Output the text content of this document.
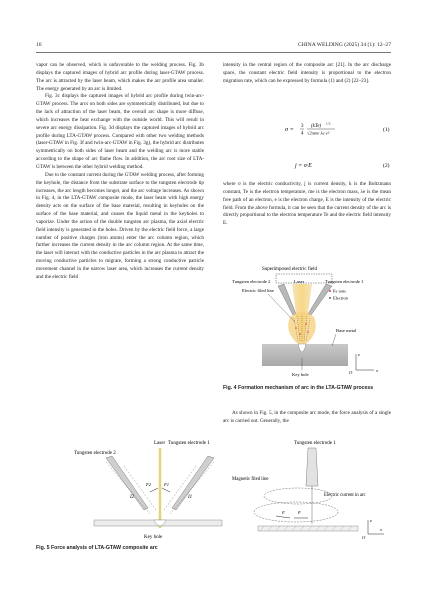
16	CHINA WELDING (2025) 34 (1): 12–27

vapor can be observed, which is unfavorable to the welding process. Fig. 3b displays the captured images of hybrid arc profile during laser-GTAW process. The arc is attracted by the laser beam, which makes the arc profile area smaller. The energy generated by an arc is limited.

Fig. 3c displays the captured images of hybrid arc profile during twin-arc-GTAW process. The arcs on both sides are symmetrically distributed, but due to the lack of attraction of the laser beam, the overall arc shape is more diffuse, which increases the heat exchange with the outside world. This will result in severe arc energy dissipation. Fig. 3d displays the captured images of hybrid arc profile during LTA-GTAW process. Compared with other two welding methods (laser-GTAW in Fig. 3f and twin-arc-GTAW in Fig. 3g), the hybrid arc distributes symmetrically on both sides of laser beam and the welding arc is more stable according to the shape of arc flame flow. In addition, the arc root size of LTA-GTAW is between the other hybrid welding method.

Due to the constant current during the GTAW welding process, after forming the keyhole, the distance from the substrate surface to the tungsten electrode tip increases, the arc length becomes longer, and the arc voltage increases. As shown in Fig. 4, in the LTA-GTAW composite mode, the laser beam with high energy density acts on the surface of the base material, resulting in keyholes on the surface of the base material, and causes the liquid metal in the keyholes to vaporize. Under the action of the double tungsten arc plasma, the axial electric field intensity is generated in the holes. Driven by the electric field force, a large number of positive charges (iron atoms) enter the arc column region, which further increases the current density in the arc column region. At the same time, the laser will interact with the conductive particles in the arc plasma to attract the moving conductive particles to migrate, forming a strong conductive particle movement channel in the narrow laser area, which increases the current density and the electric field

intensity in the central region of the composite arc [21]. In the arc discharge space, the constant electric field intensity is proportional to the electron migration rate, which can be expressed by formula (1) and (2) [22–23].

σ = 3
4
(kTe)
1/2
√2πme λe e²	(1)
j = σ·E	(2)

where σ is the electric conductivity, j is current density, k is the Boltzmann constant, Te is the electron temperature, me is the electron mass, λe is the mean free path of an electron, e is the electron charge, E is the intensity of the electric field. From the above formula, it can be seen that the current density of the arc is directly proportional to the electron temperature Te and the electric field intensity E.

Superimposed electric field
Tungsten electrode 2	Laser	Tungsten electrode 1
Electric filed line	Fe ions
Electron
Base metal
Key hole
x
z
O
Fig. 4 Formation mechanism of arc in the LTA-GTAW process

As shown in Fig. 5, in the composite arc mode, the force analysis of a single arc is carried out. Generally, the

Laser Tungsten electrode 1
Tungsten electrode 2
I2	I1
F1
F2
Key hole
Tungsten electrode 1
Magnetic filed line
Electric current in arc
F	F
x
z
O
Fig. 5 Force analysis of LTA-GTAW composite arc
